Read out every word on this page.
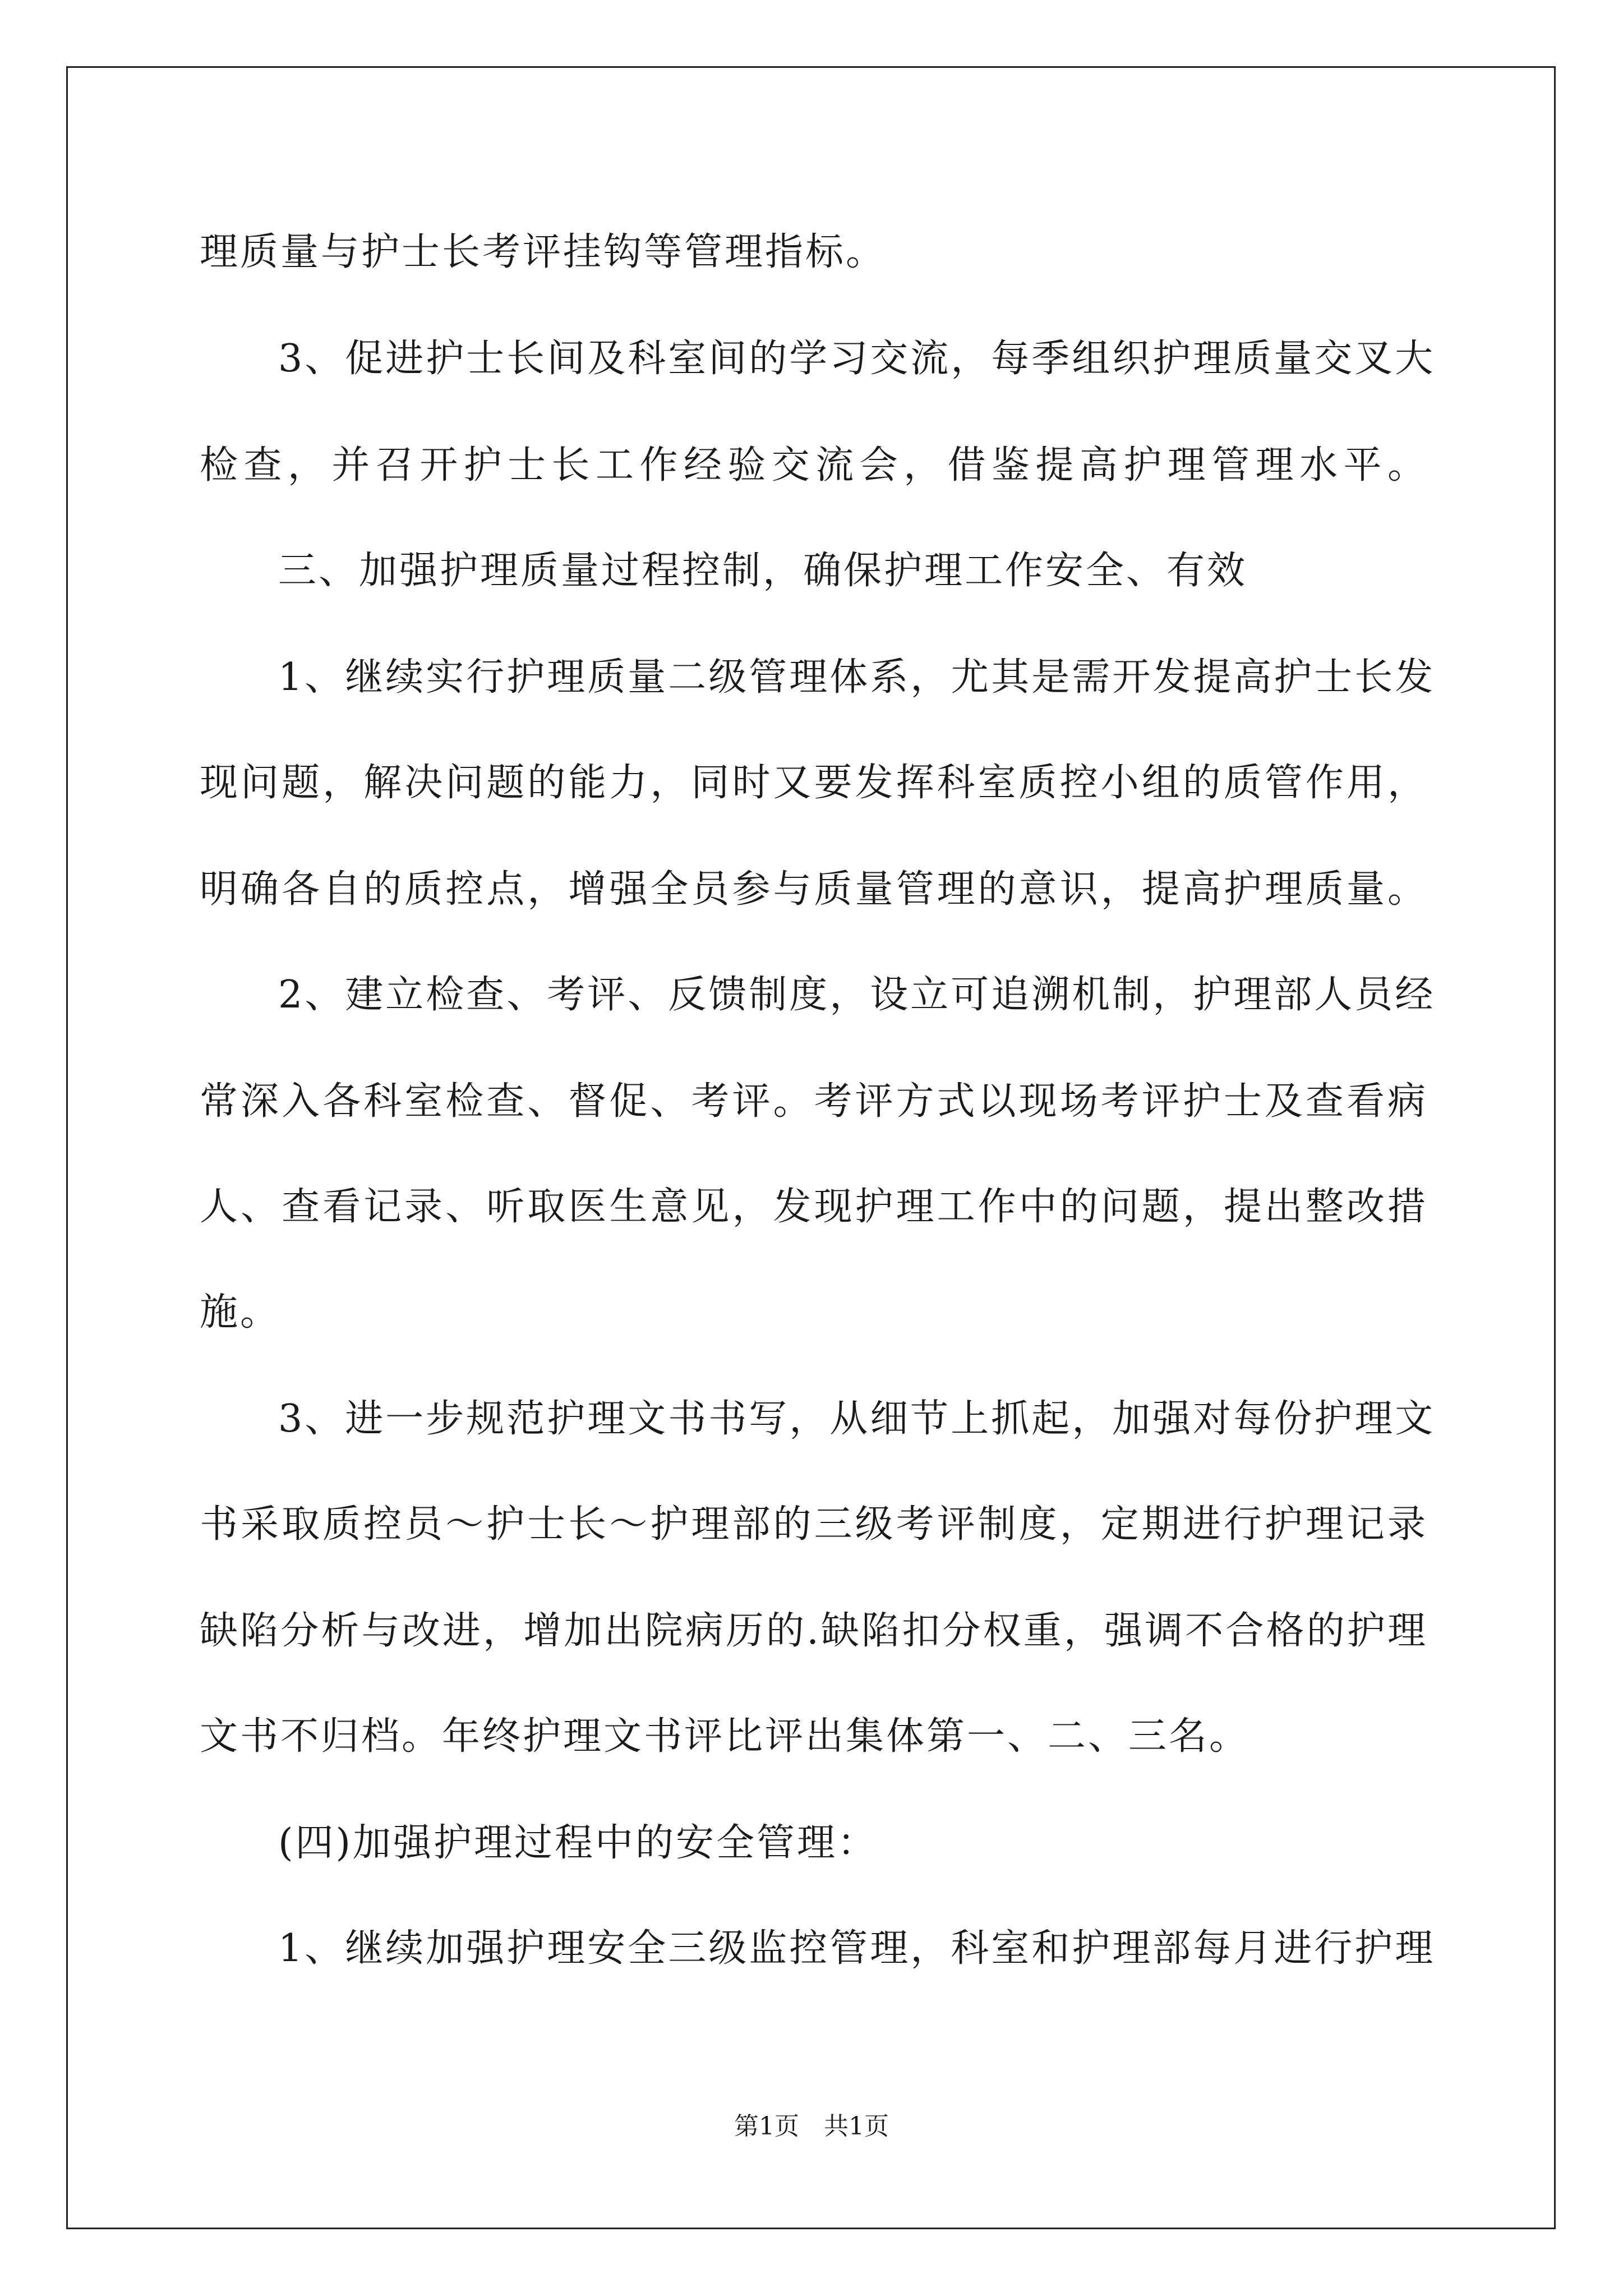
理质量与护士长考评挂钩等管理指标。
3、促进护士长间及科室间的学习交流，每季组织护理质量交叉大
检查，并召开护士长工作经验交流会，借鉴提高护理管理水平。
三、加强护理质量过程控制，确保护理工作安全、有效
1、继续实行护理质量二级管理体系，尤其是需开发提高护士长发
现问题，解决问题的能力，同时又要发挥科室质控小组的质管作用，
明确各自的质控点，增强全员参与质量管理的意识，提高护理质量。
2、建立检查、考评、反馈制度，设立可追溯机制，护理部人员经
常深入各科室检查、督促、考评。考评方式以现场考评护士及查看病
人、查看记录、听取医生意见，发现护理工作中的问题，提出整改措
施。
3、进一步规范护理文书书写，从细节上抓起，加强对每份护理文
书采取质控员～护士长～护理部的三级考评制度，定期进行护理记录
缺陷分析与改进，增加出院病历的.缺陷扣分权重，强调不合格的护理
文书不归档。年终护理文书评比评出集体第一、二、三名。
(四)加强护理过程中的安全管理：
1、继续加强护理安全三级监控管理，科室和护理部每月进行护理
第1页　共1页
